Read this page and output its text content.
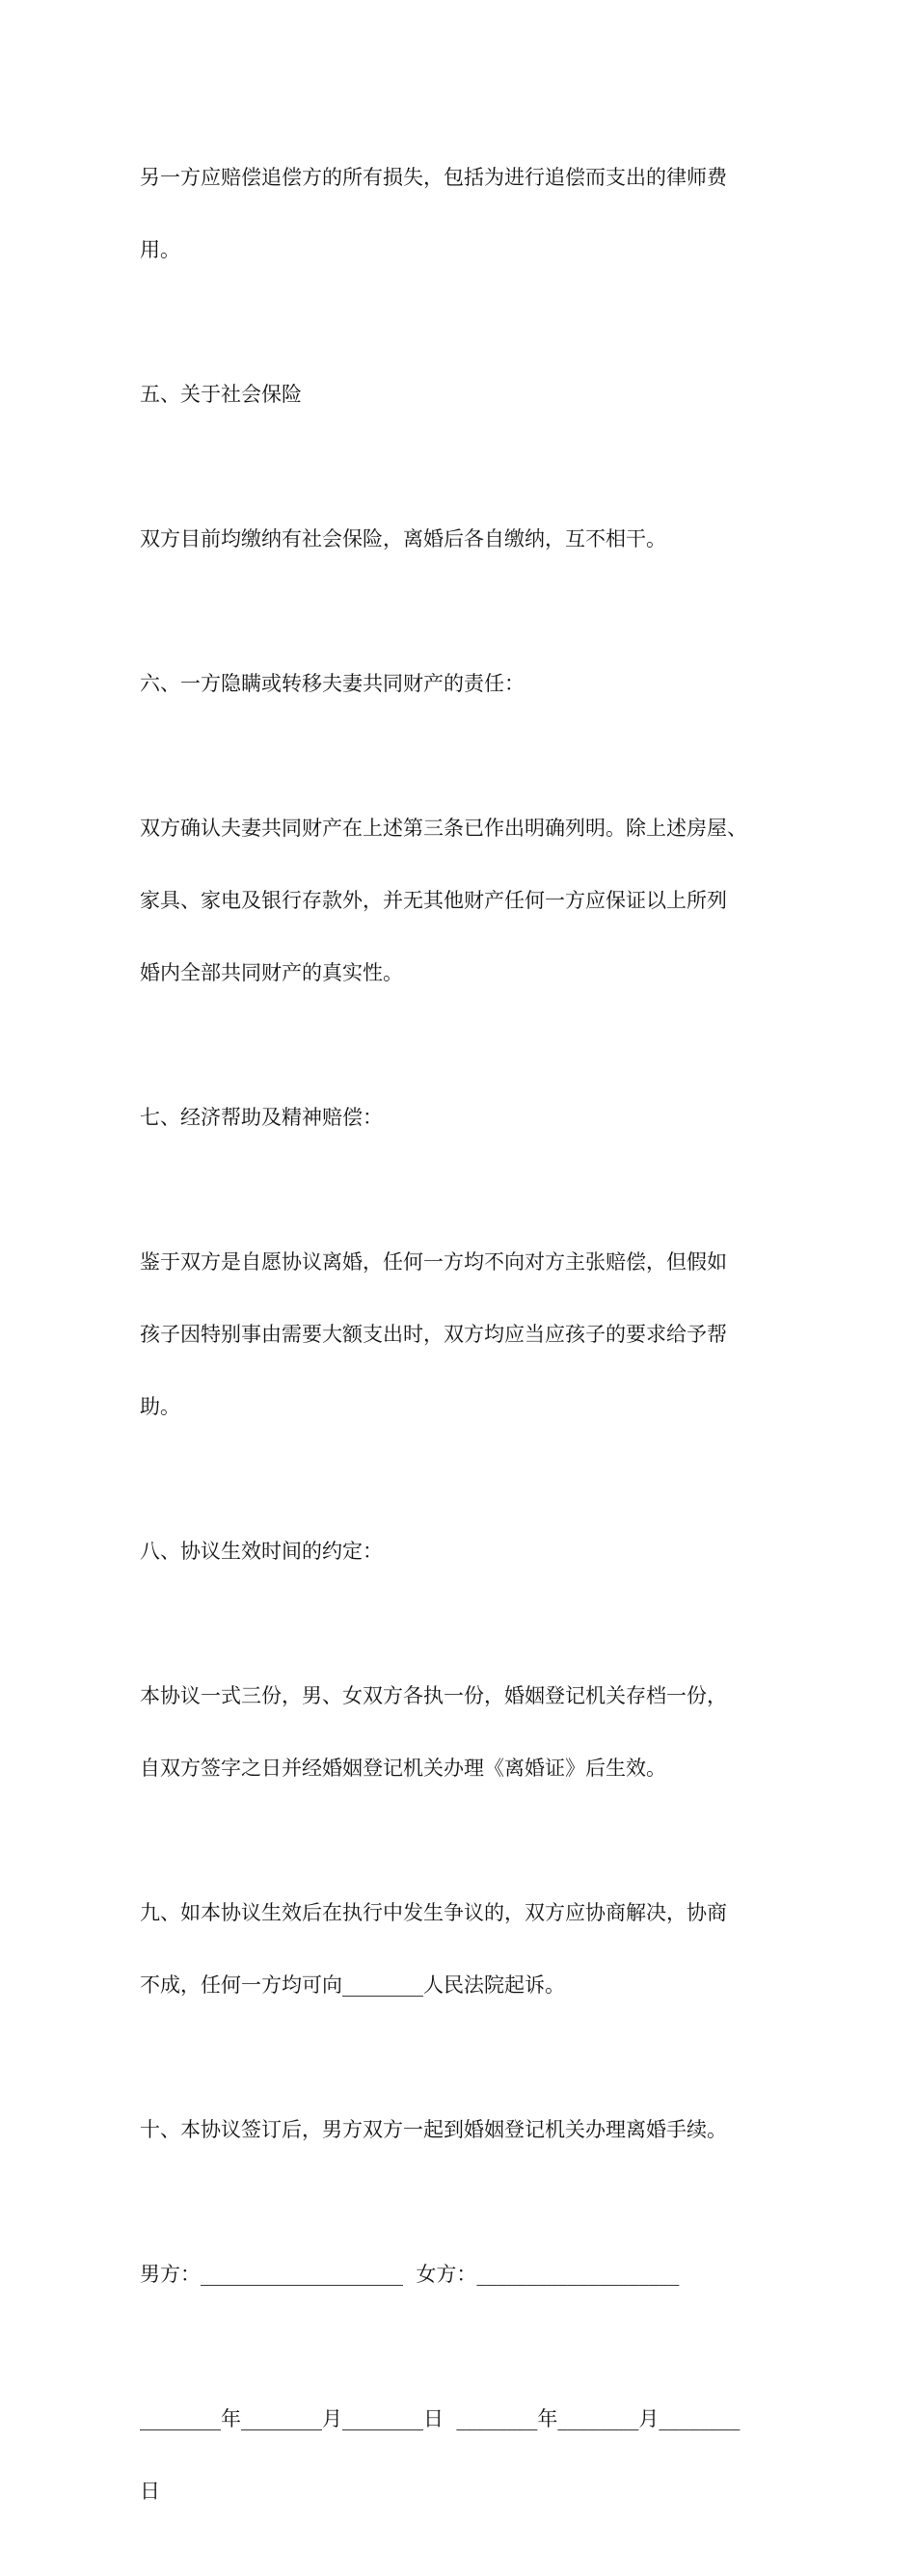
另一方应赔偿追偿方的所有损失，包括为进行追偿而支出的律师费

用。

五、关于社会保险

双方目前均缴纳有社会保险，离婚后各自缴纳，互不相干。

六、一方隐瞒或转移夫妻共同财产的责任：

双方确认夫妻共同财产在上述第三条已作出明确列明。除上述房屋、

家具、家电及银行存款外，并无其他财产任何一方应保证以上所列

婚内全部共同财产的真实性。

七、经济帮助及精神赔偿：

鉴于双方是自愿协议离婚，任何一方均不向对方主张赔偿，但假如

孩子因特别事由需要大额支出时，双方均应当应孩子的要求给予帮

助。

八、协议生效时间的约定：

本协议一式三份，男、女双方各执一份，婚姻登记机关存档一份，

自双方签字之日并经婚姻登记机关办理《离婚证》后生效。

九、如本协议生效后在执行中发生争议的，双方应协商解决，协商

不成，任何一方均可向________人民法院起诉。

十、本协议签订后，男方双方一起到婚姻登记机关办理离婚手续。

男方：____________________  女方：____________________

________年________月________日  ________年________月________

日
